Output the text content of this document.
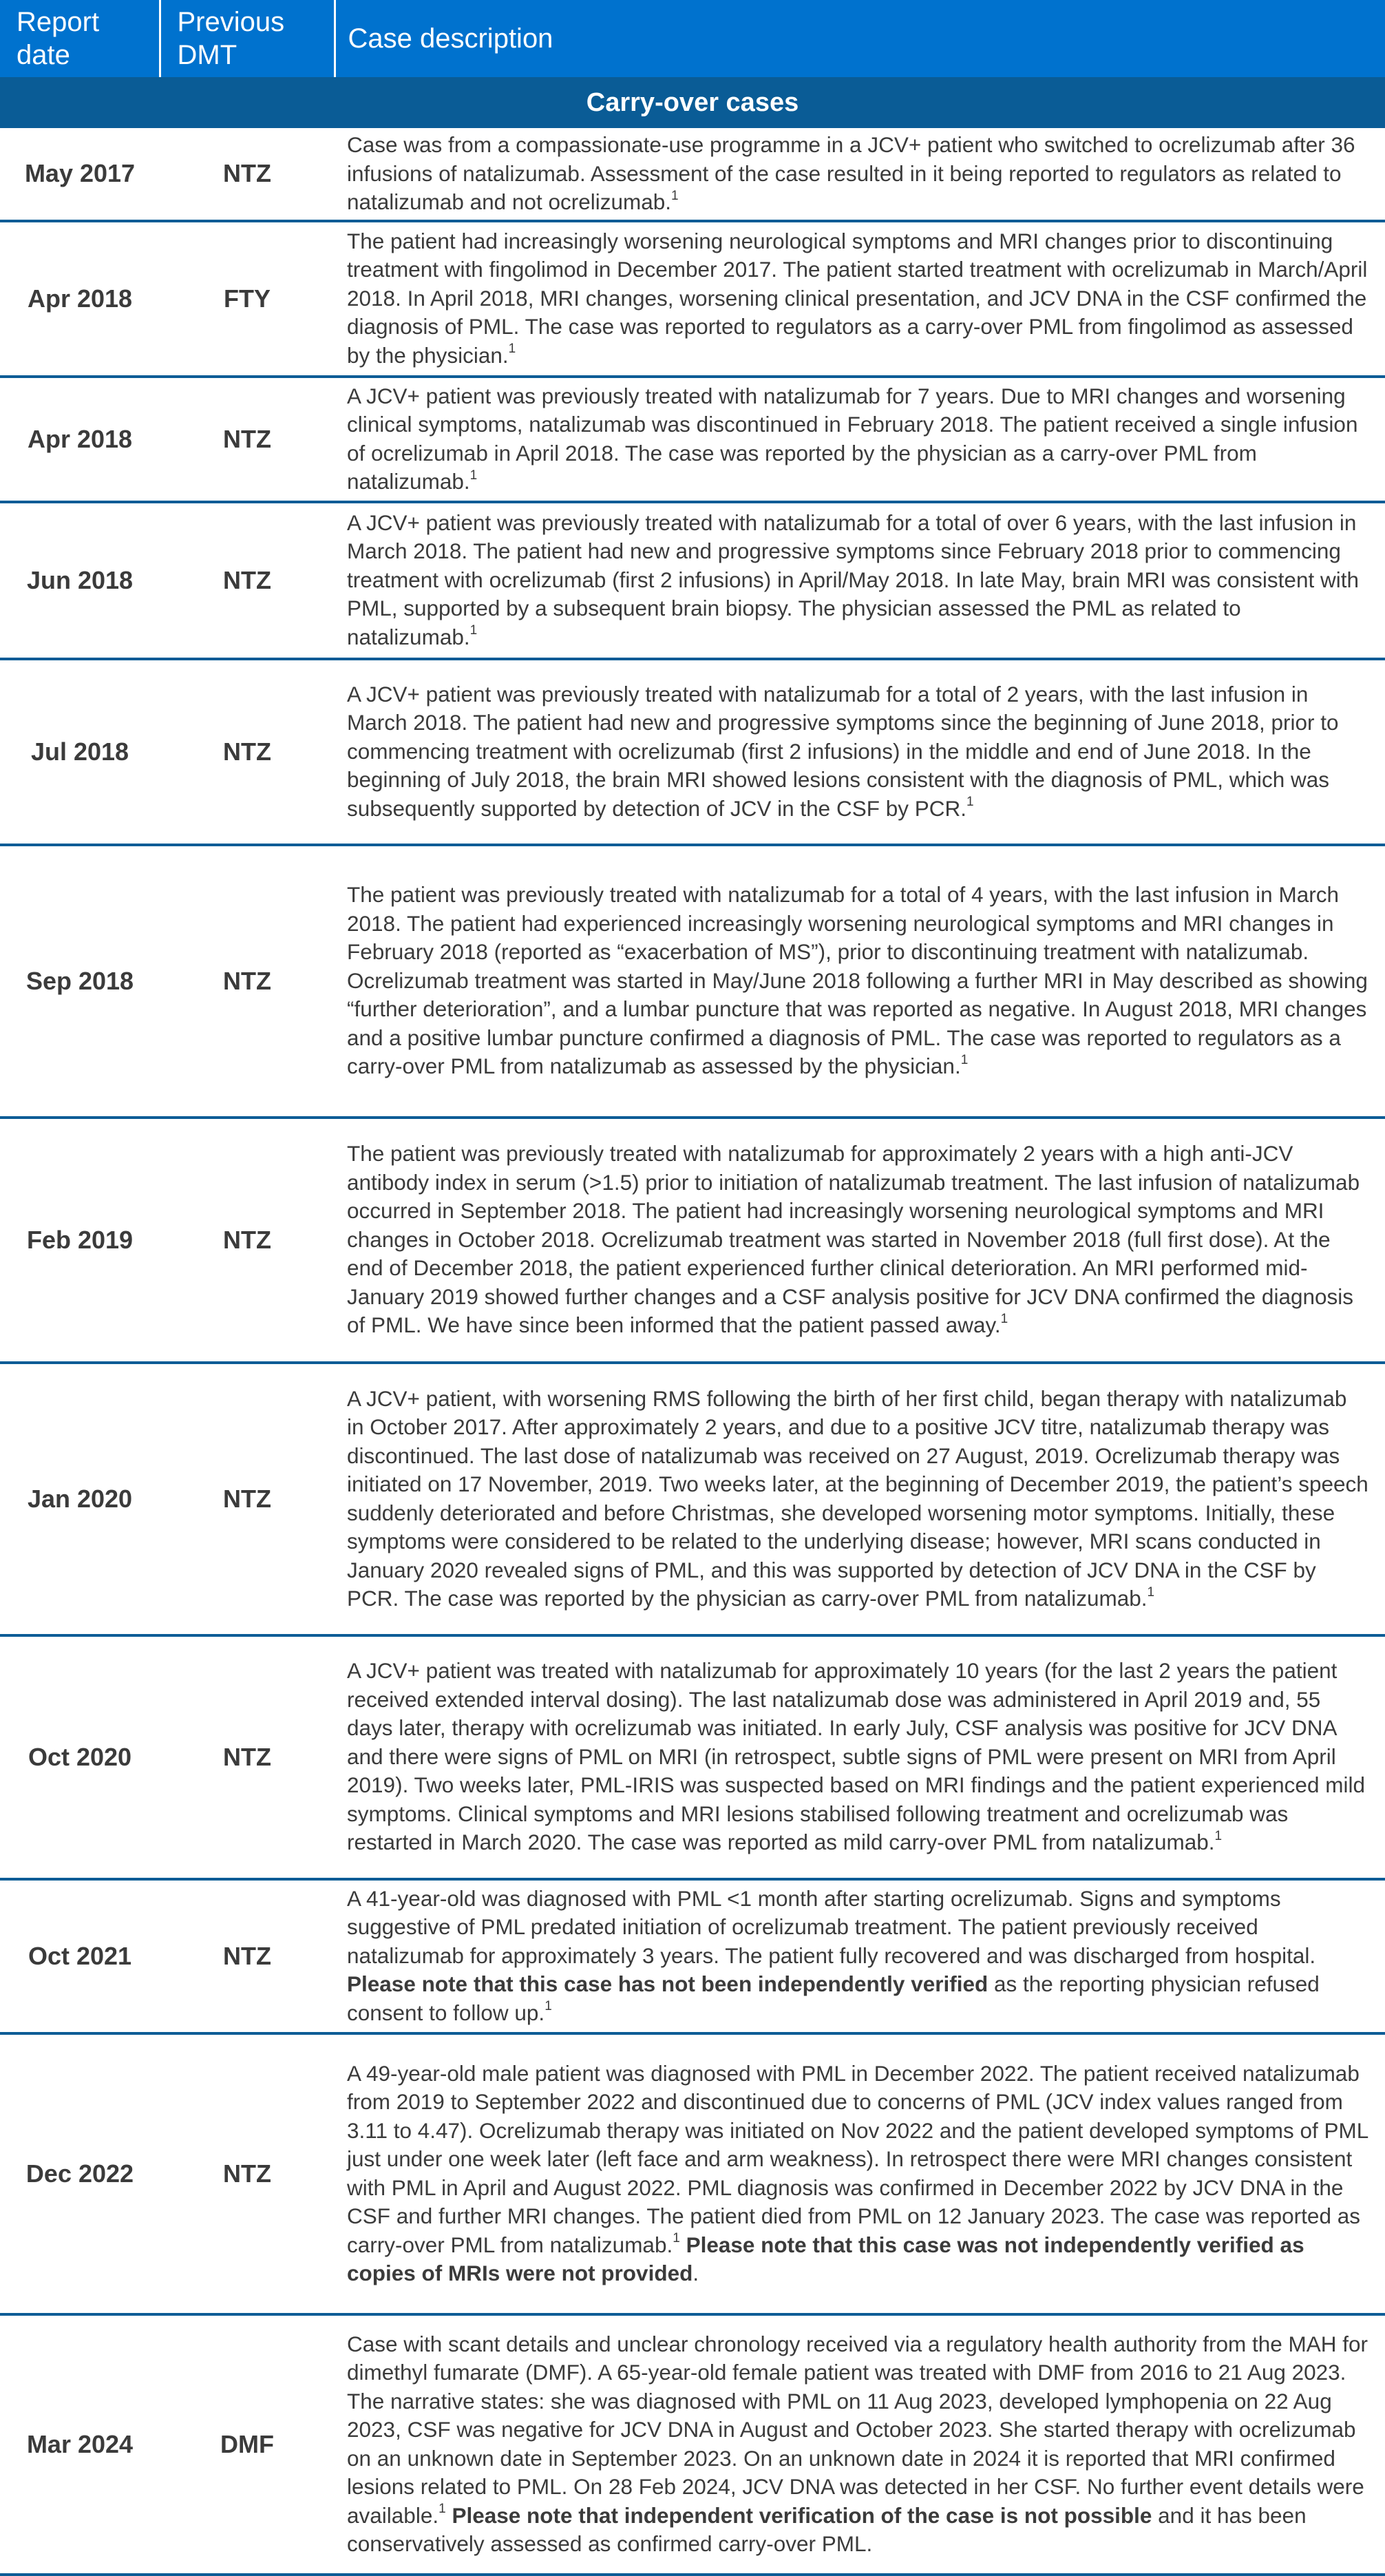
Report date	Previous DMT	Case description
Carry-over cases		
May 2017	NTZ	Case was from a compassionate-use programme in a JCV+ patient who switched to ocrelizumab after 36 infusions of natalizumab. Assessment of the case resulted in it being reported to regulators as related to natalizumab and not ocrelizumab.$^1$
Apr 2018	FTY	The patient had increasingly worsening neurological symptoms and MRI changes prior to discontinuing treatment with fingolimod in December 2017. The patient started treatment with ocrelizumab in March/April 2018. In April 2018, MRI changes, worsening clinical presentation, and JCV DNA in the CSF confirmed the diagnosis of PML. The case was reported to regulators as a carry-over PML from fingolimod as assessed by the physician.$^1$
Apr 2018	NTZ	A JCV+ patient was previously treated with natalizumab for 7 years. Due to MRI changes and worsening clinical symptoms, natalizumab was discontinued in February 2018. The patient received a single infusion of ocrelizumab in April 2018. The case was reported by the physician as a carry-over PML from natalizumab.$^1$
Jun 2018	NTZ	A JCV+ patient was previously treated with natalizumab for a total of over 6 years, with the last infusion in March 2018. The patient had new and progressive symptoms since February 2018 prior to commencing treatment with ocrelizumab (first 2 infusions) in April/May 2018. In late May, brain MRI was consistent with PML, supported by a subsequent brain biopsy. The physician assessed the PML as related to natalizumab.$^1$
Jul 2018	NTZ	A JCV+ patient was previously treated with natalizumab for a total of 2 years, with the last infusion in March 2018. The patient had new and progressive symptoms since the beginning of June 2018, prior to commencing treatment with ocrelizumab (first 2 infusions) in the middle and end of June 2018. In the beginning of July 2018, the brain MRI showed lesions consistent with the diagnosis of PML, which was subsequently supported by detection of JCV in the CSF by PCR.$^1$
Sep 2018	NTZ	The patient was previously treated with natalizumab for a total of 4 years, with the last infusion in March 2018. The patient had experienced increasingly worsening neurological symptoms and MRI changes in February 2018 (reported as “exacerbation of MS”), prior to discontinuing treatment with natalizumab. Ocrelizumab treatment was started in May/June 2018 following a further MRI in May described as showing “further deterioration”, and a lumbar puncture that was reported as negative. In August 2018, MRI changes and a positive lumbar puncture confirmed a diagnosis of PML. The case was reported to regulators as a carry-over PML from natalizumab as assessed by the physician.$^1$
Feb 2019	NTZ	The patient was previously treated with natalizumab for approximately 2 years with a high anti-JCV antibody index in serum (>1.5) prior to initiation of natalizumab treatment. The last infusion of natalizumab occurred in September 2018. The patient had increasingly worsening neurological symptoms and MRI changes in October 2018. Ocrelizumab treatment was started in November 2018 (full first dose). At the end of December 2018, the patient experienced further clinical deterioration. An MRI performed mid-January 2019 showed further changes and a CSF analysis positive for JCV DNA confirmed the diagnosis of PML. We have since been informed that the patient passed away.$^1$
Jan 2020	NTZ	A JCV+ patient, with worsening RMS following the birth of her first child, began therapy with natalizumab in October 2017. After approximately 2 years, and due to a positive JCV titre, natalizumab therapy was discontinued. The last dose of natalizumab was received on 27 August, 2019. Ocrelizumab therapy was initiated on 17 November, 2019. Two weeks later, at the beginning of December 2019, the patient’s speech suddenly deteriorated and before Christmas, she developed worsening motor symptoms. Initially, these symptoms were considered to be related to the underlying disease; however, MRI scans conducted in January 2020 revealed signs of PML, and this was supported by detection of JCV DNA in the CSF by PCR. The case was reported by the physician as carry-over PML from natalizumab.$^1$
Oct 2020	NTZ	A JCV+ patient was treated with natalizumab for approximately 10 years (for the last 2 years the patient received extended interval dosing). The last natalizumab dose was administered in April 2019 and, 55 days later, therapy with ocrelizumab was initiated. In early July, CSF analysis was positive for JCV DNA and there were signs of PML on MRI (in retrospect, subtle signs of PML were present on MRI from April 2019). Two weeks later, PML-IRIS was suspected based on MRI findings and the patient experienced mild symptoms. Clinical symptoms and MRI lesions stabilised following treatment and ocrelizumab was restarted in March 2020. The case was reported as mild carry-over PML from natalizumab.$^1$
Oct 2021	NTZ	A 41-year-old was diagnosed with PML <1 month after starting ocrelizumab. Signs and symptoms suggestive of PML predated initiation of ocrelizumab treatment. The patient previously received natalizumab for approximately 3 years. The patient fully recovered and was discharged from hospital. Please note that this case has not been independently verified as the reporting physician refused consent to follow up.$^1$
Dec 2022	NTZ	A 49-year-old male patient was diagnosed with PML in December 2022. The patient received natalizumab from 2019 to September 2022 and discontinued due to concerns of PML (JCV index values ranged from 3.11 to 4.47). Ocrelizumab therapy was initiated on Nov 2022 and the patient developed symptoms of PML just under one week later (left face and arm weakness). In retrospect there were MRI changes consistent with PML in April and August 2022. PML diagnosis was confirmed in December 2022 by JCV DNA in the CSF and further MRI changes. The patient died from PML on 12 January 2023. The case was reported as carry-over PML from natalizumab.$^1$ Please note that this case was not independently verified as copies of MRIs were not provided.
Mar 2024	DMF	Case with scant details and unclear chronology received via a regulatory health authority from the MAH for dimethyl fumarate (DMF). A 65-year-old female patient was treated with DMF from 2016 to 21 Aug 2023. The narrative states: she was diagnosed with PML on 11 Aug 2023, developed lymphopenia on 22 Aug 2023, CSF was negative for JCV DNA in August and October 2023. She started therapy with ocrelizumab on an unknown date in September 2023. On an unknown date in 2024 it is reported that MRI confirmed lesions related to PML. On 28 Feb 2024, JCV DNA was detected in her CSF. No further event details were available.$^1$ Please note that independent verification of the case is not possible and it has been conservatively assessed as confirmed carry-over PML.
